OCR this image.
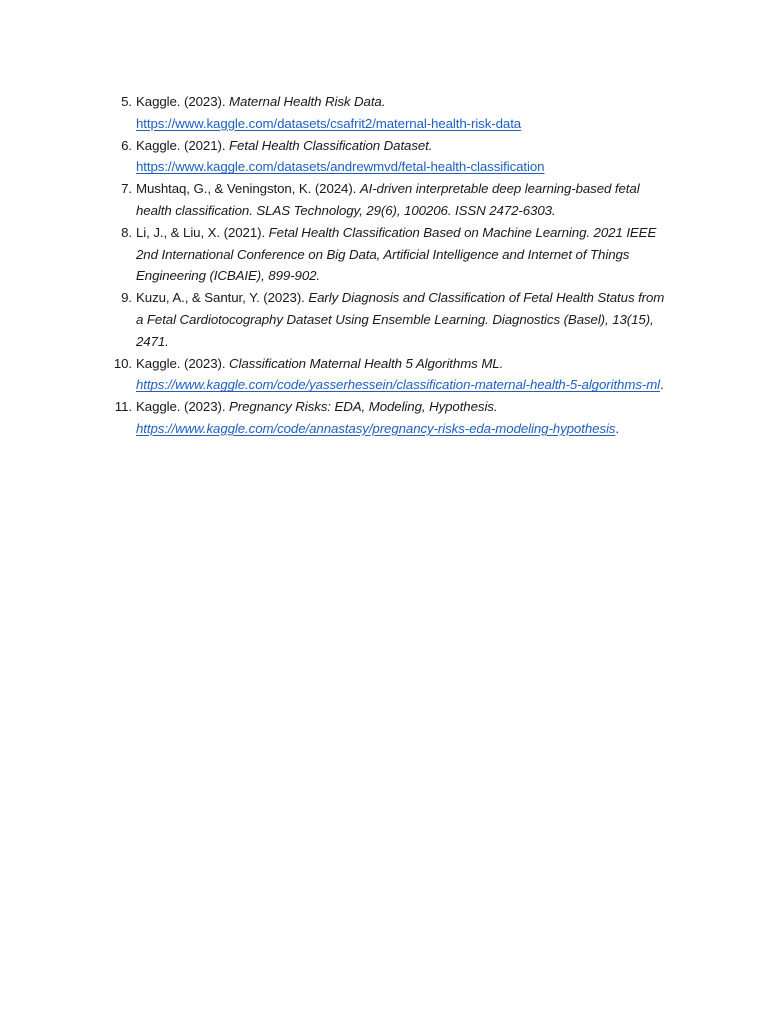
5. Kaggle. (2023). Maternal Health Risk Data.
https://www.kaggle.com/datasets/csafrit2/maternal-health-risk-data
6. Kaggle. (2021). Fetal Health Classification Dataset.
https://www.kaggle.com/datasets/andrewmvd/fetal-health-classification
7. Mushtaq, G., & Veningston, K. (2024). AI-driven interpretable deep learning-based fetal health classification. SLAS Technology, 29(6), 100206. ISSN 2472-6303.
8. Li, J., & Liu, X. (2021). Fetal Health Classification Based on Machine Learning. 2021 IEEE 2nd International Conference on Big Data, Artificial Intelligence and Internet of Things Engineering (ICBAIE), 899-902.
9. Kuzu, A., & Santur, Y. (2023). Early Diagnosis and Classification of Fetal Health Status from a Fetal Cardiotocography Dataset Using Ensemble Learning. Diagnostics (Basel), 13(15), 2471.
10. Kaggle. (2023). Classification Maternal Health 5 Algorithms ML.
https://www.kaggle.com/code/yasserhessein/classification-maternal-health-5-algorithms-ml.
11. Kaggle. (2023). Pregnancy Risks: EDA, Modeling, Hypothesis.
https://www.kaggle.com/code/annastasy/pregnancy-risks-eda-modeling-hypothesis.
